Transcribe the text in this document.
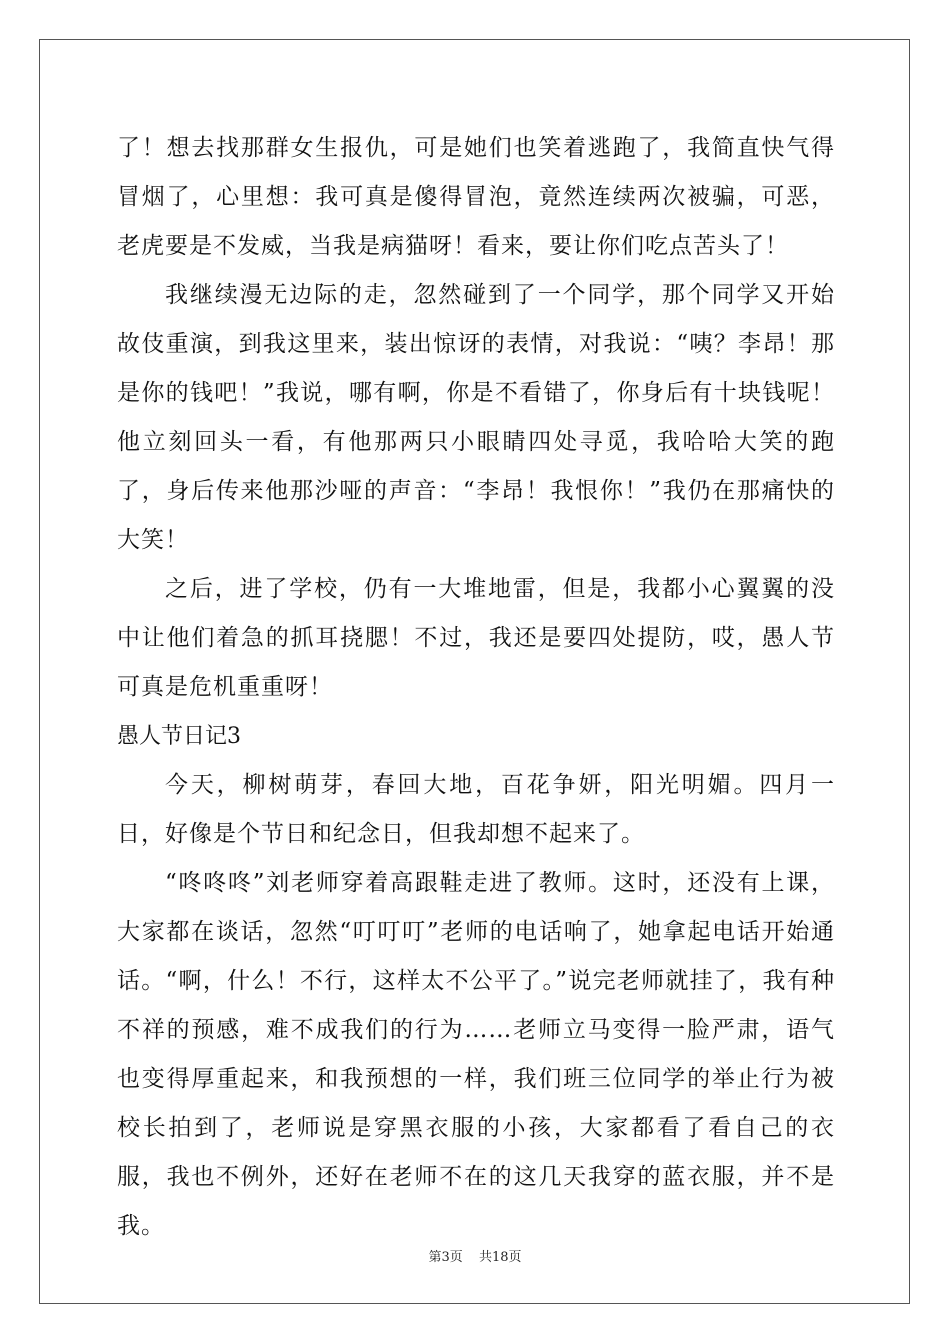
了！想去找那群女生报仇，可是她们也笑着逃跑了，我简直快气得冒烟了，心里想：我可真是傻得冒泡，竟然连续两次被骗，可恶，老虎要是不发威，当我是病猫呀！看来，要让你们吃点苦头了！

我继续漫无边际的走，忽然碰到了一个同学，那个同学又开始故伎重演，到我这里来，装出惊讶的表情，对我说：“咦？李昂！那是你的钱吧！”我说，哪有啊，你是不看错了，你身后有十块钱呢！他立刻回头一看，有他那两只小眼睛四处寻觅，我哈哈大笑的跑了，身后传来他那沙哑的声音：“李昂！我恨你！”我仍在那痛快的大笑！

之后，进了学校，仍有一大堆地雷，但是，我都小心翼翼的没中让他们着急的抓耳挠腮！不过，我还是要四处提防，哎，愚人节可真是危机重重呀！

愚人节日记3

今天，柳树萌芽，春回大地，百花争妍，阳光明媚。四月一日，好像是个节日和纪念日，但我却想不起来了。

“咚咚咚”刘老师穿着高跟鞋走进了教师。这时，还没有上课，大家都在谈话，忽然“叮叮叮”老师的电话响了，她拿起电话开始通话。“啊，什么！不行，这样太不公平了。”说完老师就挂了，我有种不祥的预感，难不成我们的行为……老师立马变得一脸严肃，语气也变得厚重起来，和我预想的一样，我们班三位同学的举止行为被校长拍到了，老师说是穿黑衣服的小孩，大家都看了看自己的衣服，我也不例外，还好在老师不在的这几天我穿的蓝衣服，并不是我。

第3页 共18页
